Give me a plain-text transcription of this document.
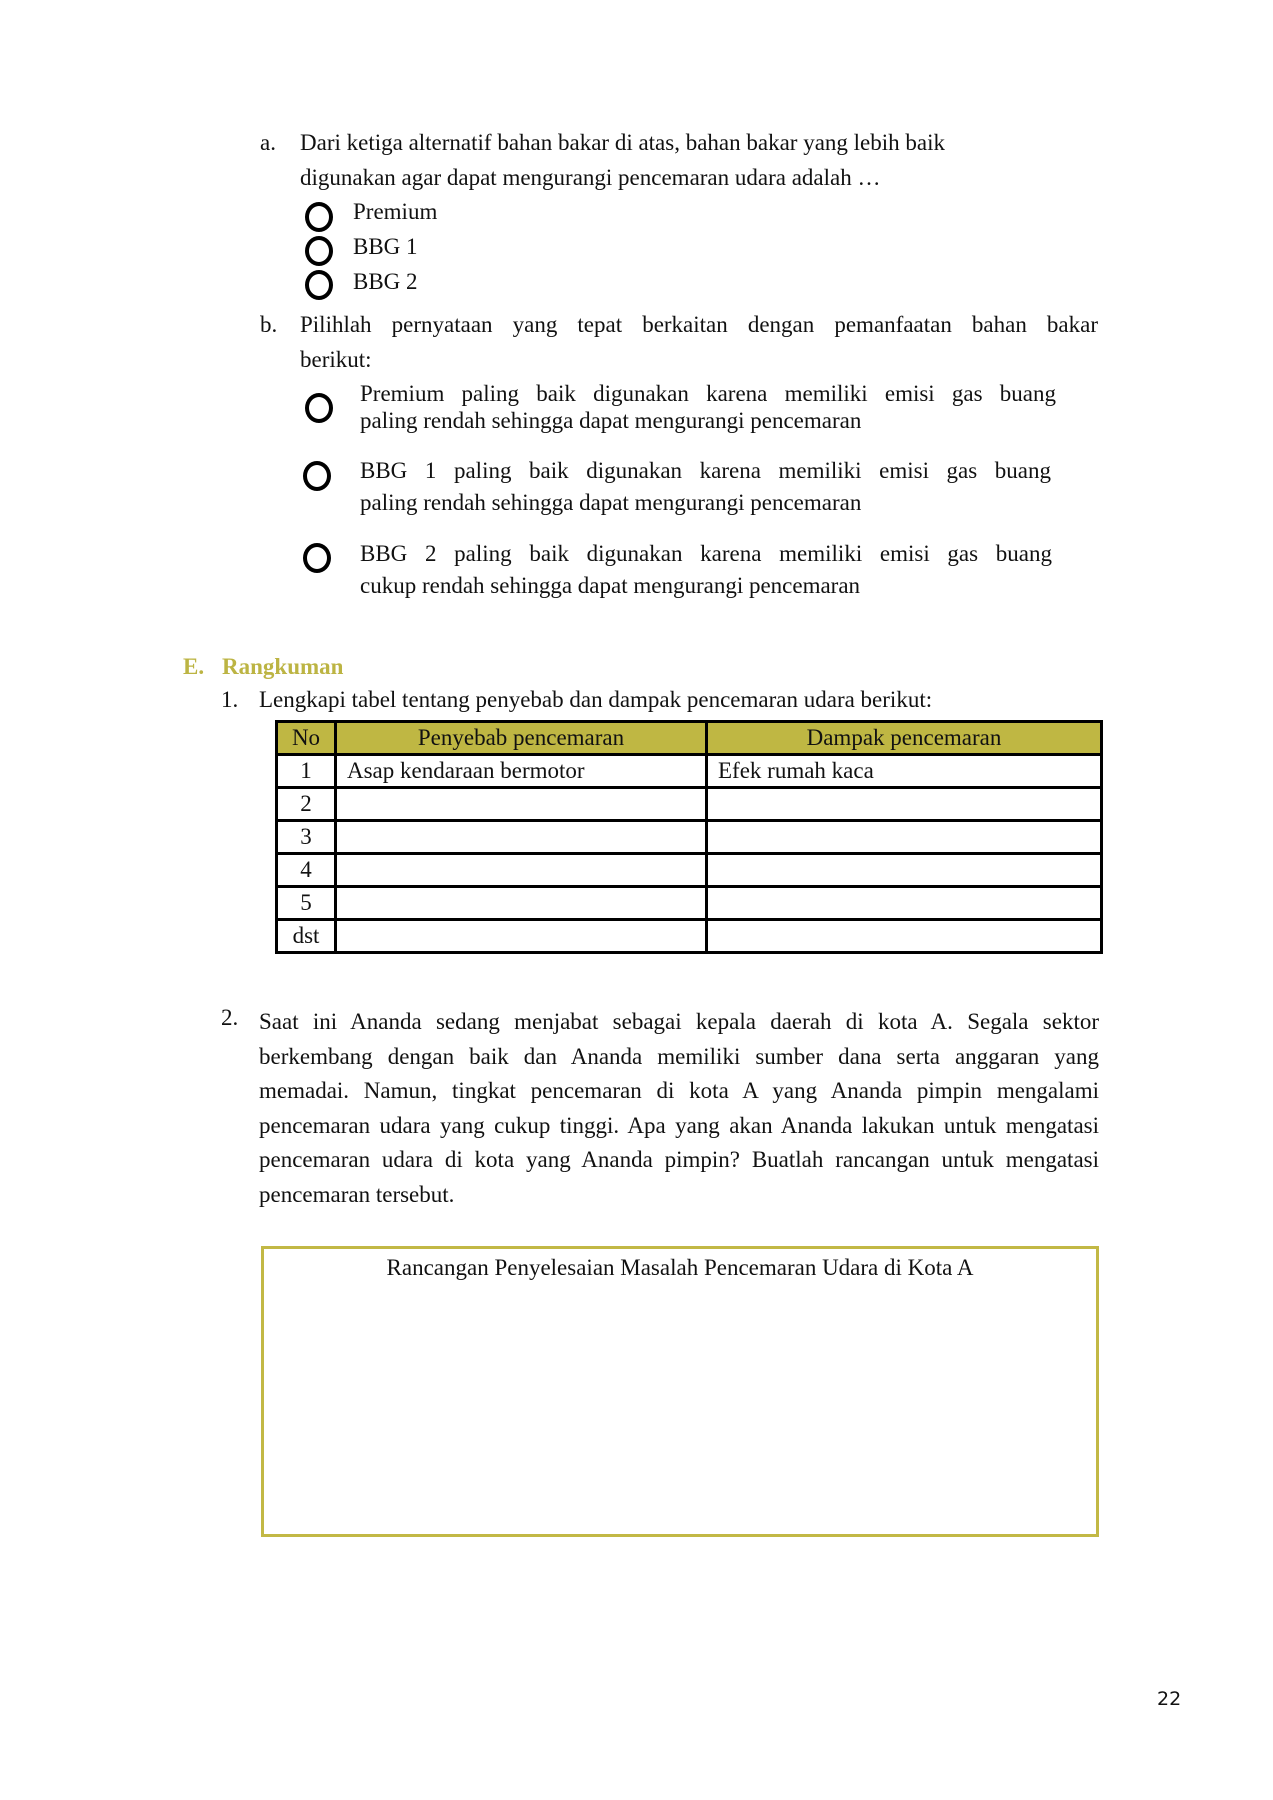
a. Dari ketiga alternatif bahan bakar di atas, bahan bakar yang lebih baik
digunakan agar dapat mengurangi pencemaran udara adalah …
Premium
BBG 1
BBG 2
b. Pilihlah pernyataan yang tepat berkaitan dengan pemanfaatan bahan bakar
berikut:
Premium paling baik digunakan karena memiliki emisi gas buang
paling rendah sehingga dapat mengurangi pencemaran
BBG 1 paling baik digunakan karena memiliki emisi gas buang
paling rendah sehingga dapat mengurangi pencemaran
BBG 2 paling baik digunakan karena memiliki emisi gas buang
cukup rendah sehingga dapat mengurangi pencemaran
E. Rangkuman
1. Lengkapi tabel tentang penyebab dan dampak pencemaran udara berikut:
No	Penyebab pencemaran	Dampak pencemaran
1	Asap kendaraan bermotor	Efek rumah kaca
2		
3		
4		
5		
dst		
2. Saat ini Ananda sedang menjabat sebagai kepala daerah di kota A. Segala sektor berkembang dengan baik dan Ananda memiliki sumber dana serta anggaran yang memadai. Namun, tingkat pencemaran di kota A yang Ananda pimpin mengalami pencemaran udara yang cukup tinggi. Apa yang akan Ananda lakukan untuk mengatasi pencemaran udara di kota yang Ananda pimpin? Buatlah rancangan untuk mengatasi pencemaran tersebut.
Rancangan Penyelesaian Masalah Pencemaran Udara di Kota A
22
